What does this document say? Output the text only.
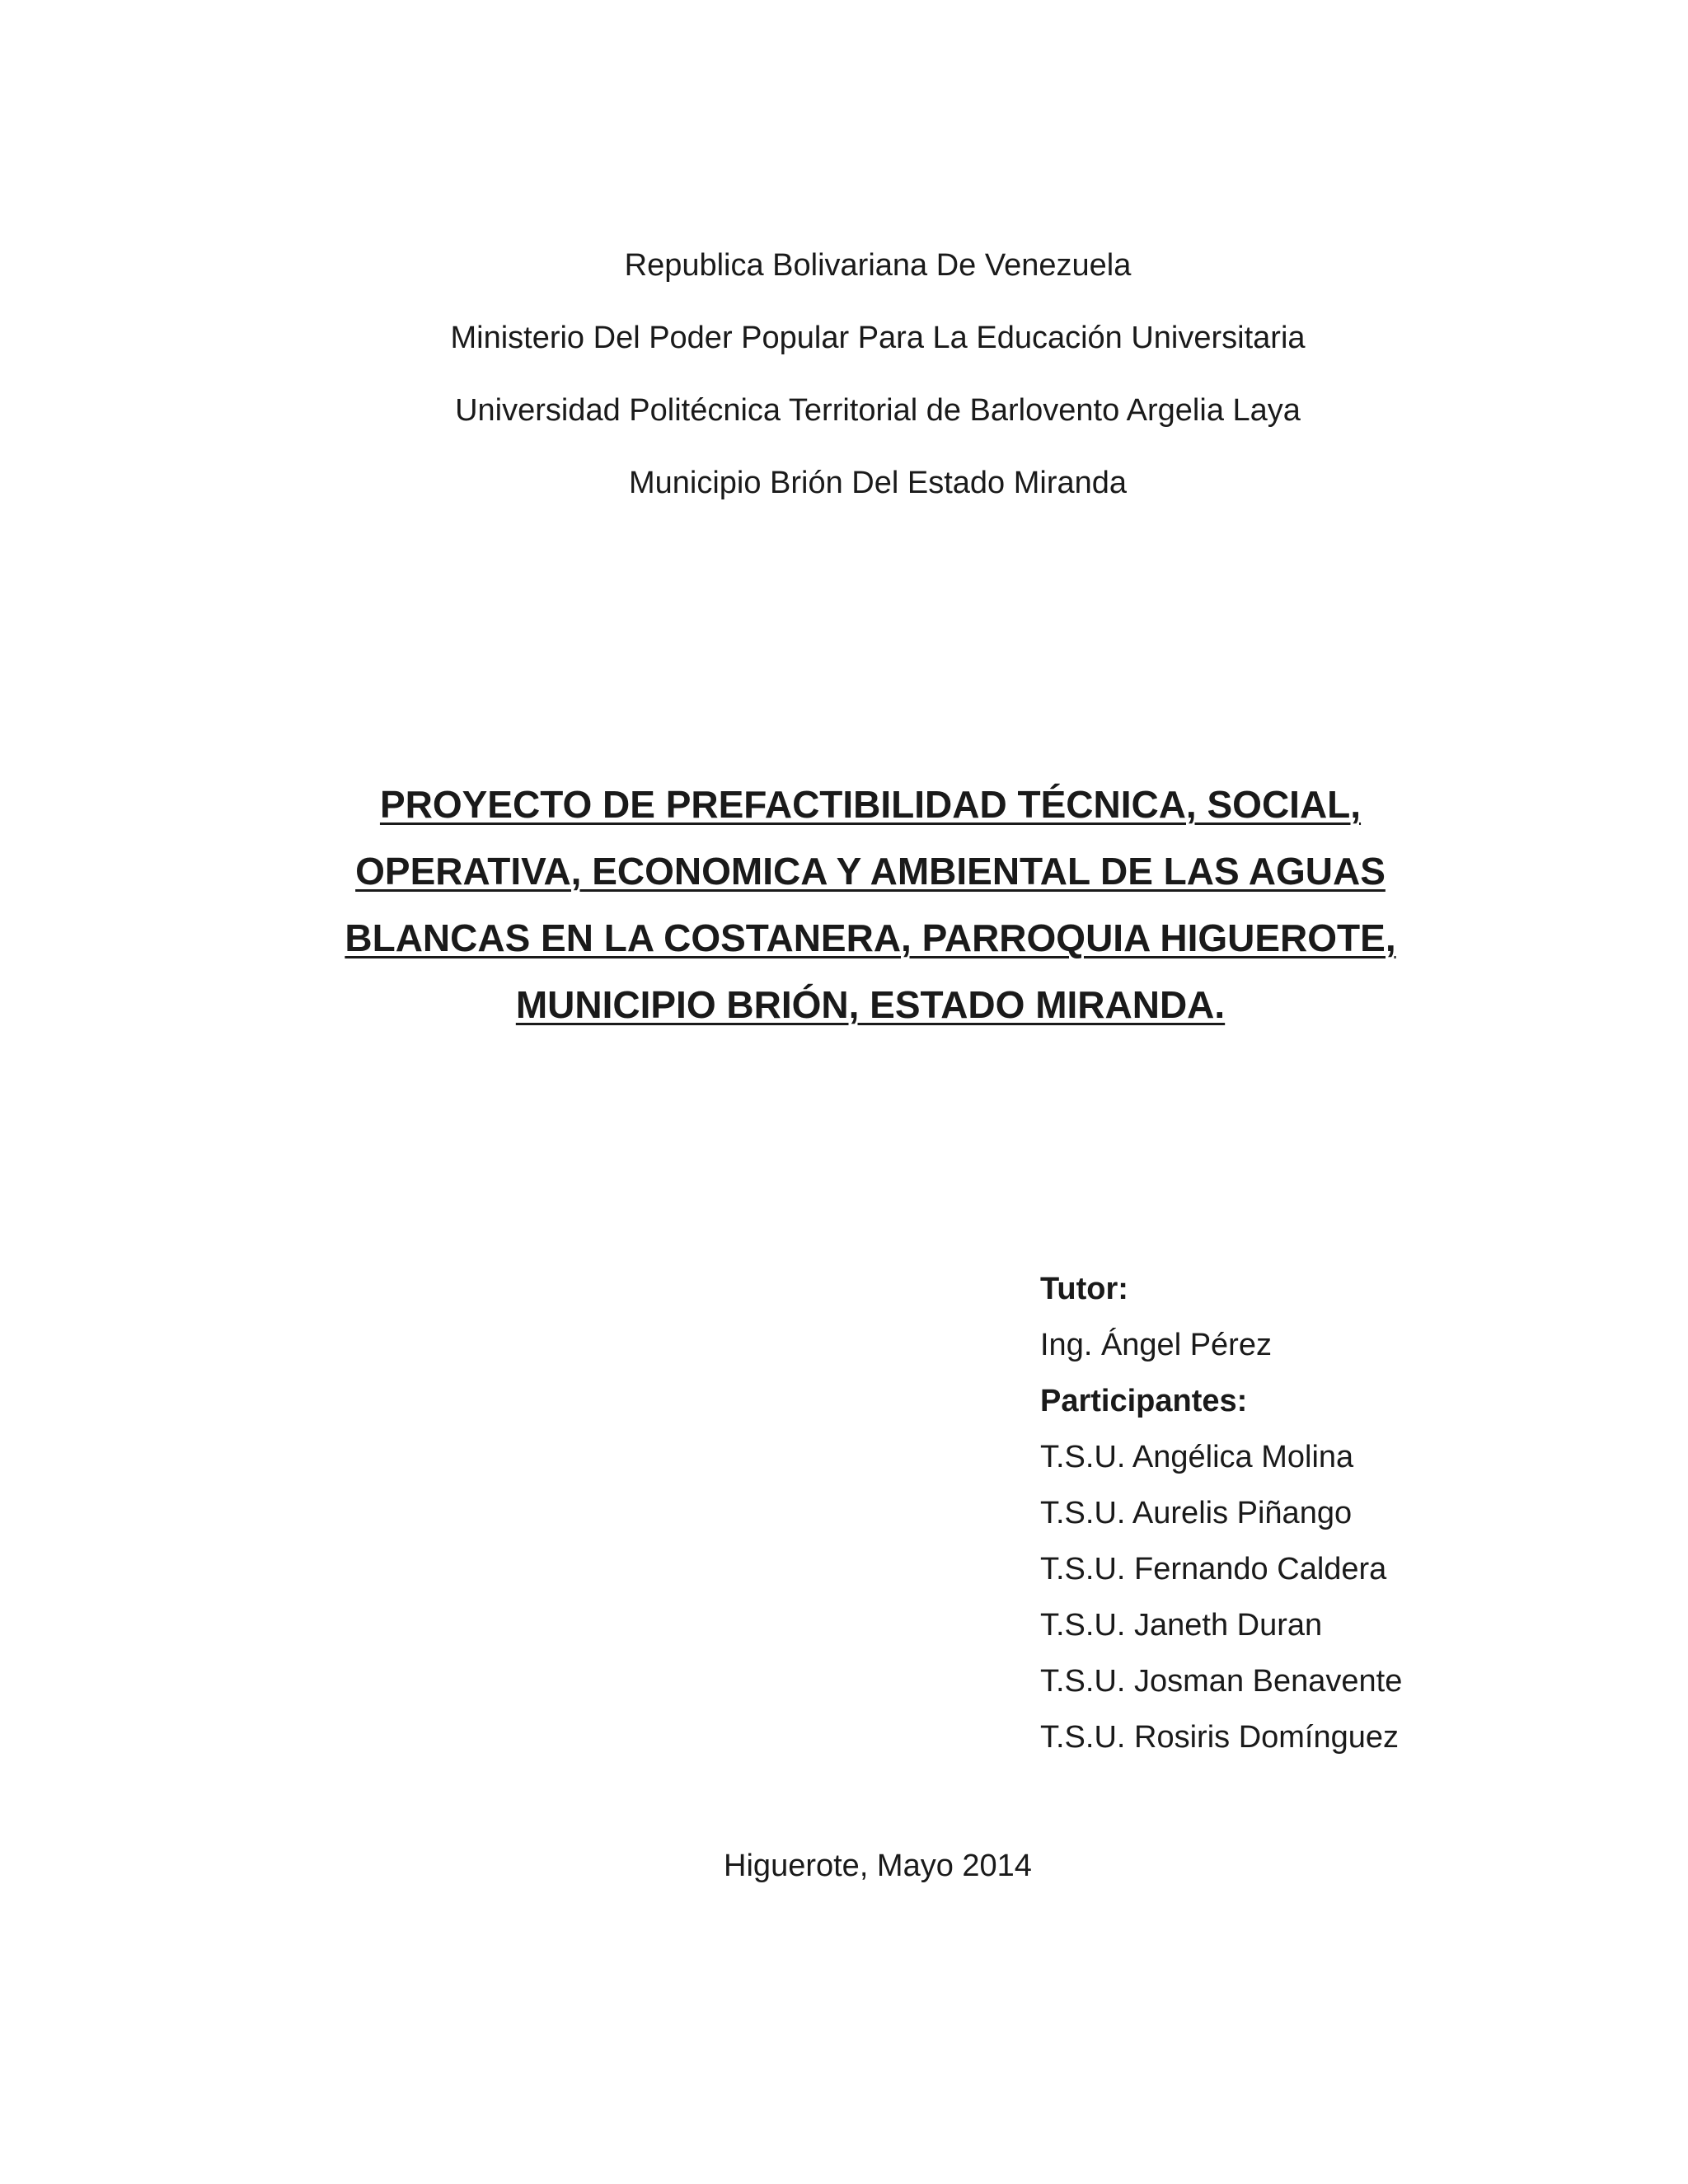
Republica Bolivariana De Venezuela
Ministerio Del Poder Popular Para La Educación Universitaria
Universidad Politécnica Territorial de Barlovento Argelia Laya
Municipio Brión Del Estado Miranda
PROYECTO DE PREFACTIBILIDAD TÉCNICA, SOCIAL,
OPERATIVA, ECONOMICA Y AMBIENTAL DE LAS AGUAS
BLANCAS EN LA COSTANERA, PARROQUIA HIGUEROTE,
MUNICIPIO BRIÓN, ESTADO MIRANDA.
Tutor:
Ing. Ángel Pérez
Participantes:
T.S.U. Angélica Molina
T.S.U. Aurelis Piñango
T.S.U. Fernando Caldera
T.S.U. Janeth Duran
T.S.U. Josman Benavente
T.S.U. Rosiris Domínguez
Higuerote, Mayo 2014
